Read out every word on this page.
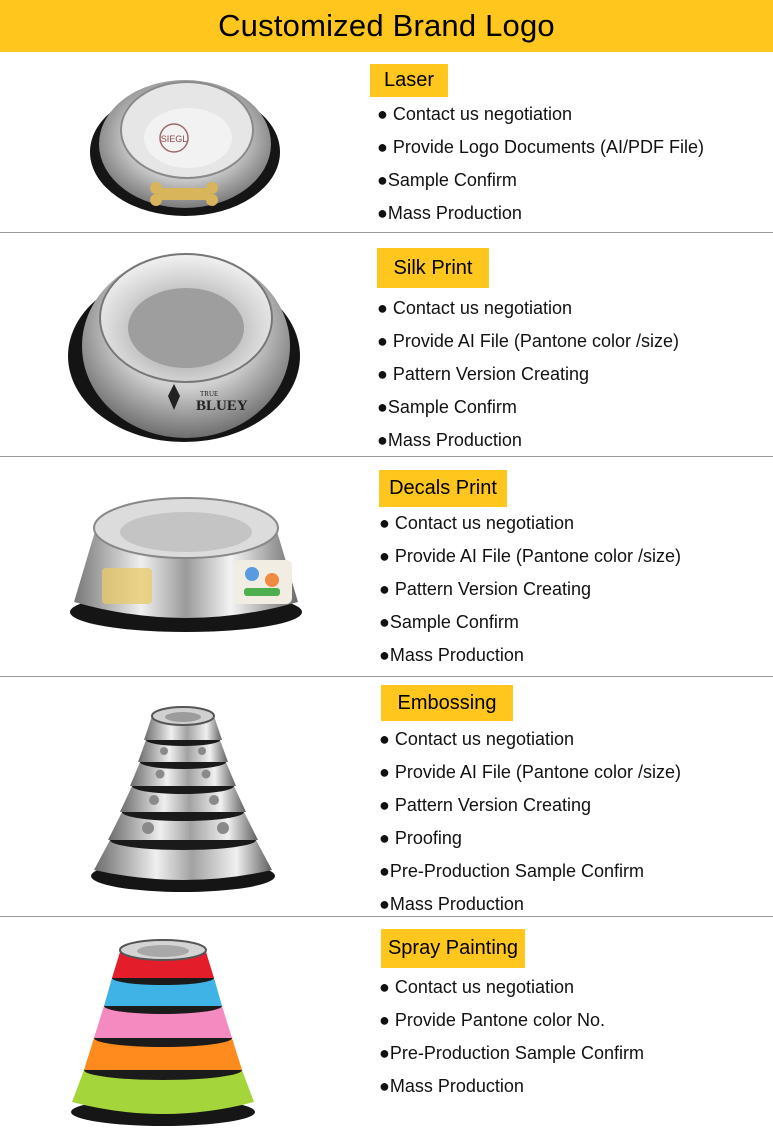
Customized Brand Logo
SIEGL
Laser
● Contact us negotiation
● Provide Logo Documents (AI/PDF File)
●Sample Confirm
●Mass Production
TRUE
BLUEY
Silk Print
● Contact us negotiation
● Provide AI File (Pantone color /size)
● Pattern Version Creating
●Sample Confirm
●Mass Production
Decals Print
● Contact us negotiation
● Provide AI File (Pantone color /size)
● Pattern Version Creating
●Sample Confirm
●Mass Production
Embossing
● Contact us negotiation
● Provide AI File (Pantone color /size)
● Pattern Version Creating
● Proofing
●Pre-Production Sample Confirm
●Mass Production
Spray Painting
● Contact us negotiation
● Provide Pantone color No.
●Pre-Production Sample Confirm
●Mass Production
